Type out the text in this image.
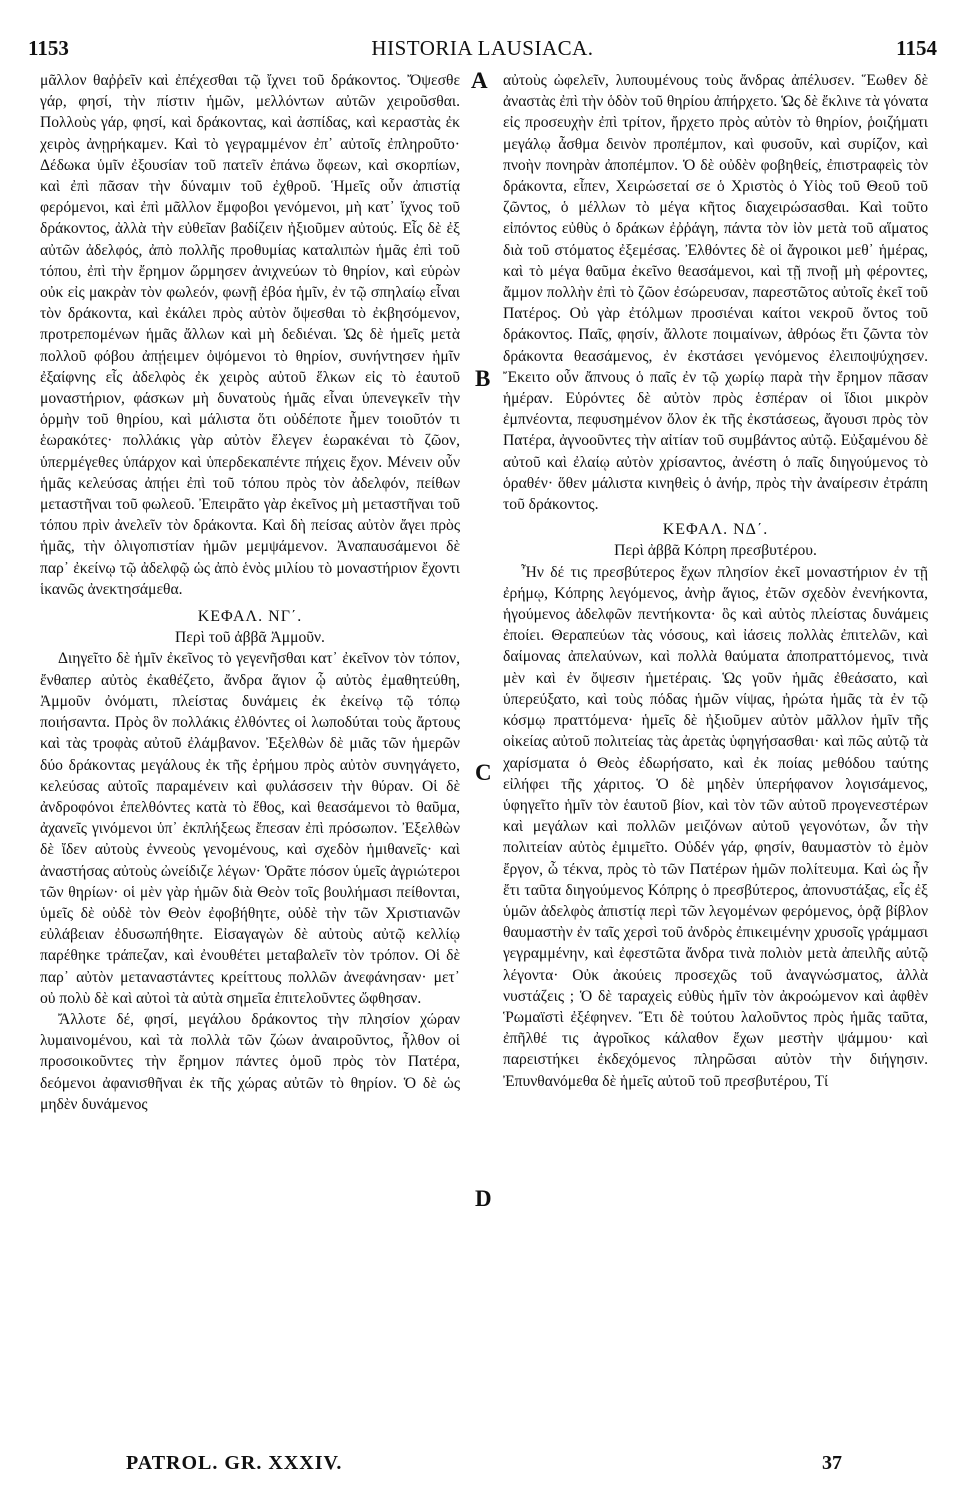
1153	HISTORIA LAUSIACA.	1154

μᾶλλον θαῤῥεῖν καὶ ἐπέχεσθαι τῷ ἴχνει τοῦ δράκοντος. Ὄψεσθε γάρ, φησί, τὴν πίστιν ἡμῶν, μελλόντων αὐτῶν χειροῦσθαι. Πολλοὺς γάρ, φησί, καὶ δράκοντας, καὶ ἀσπίδας, καὶ κεραστὰς ἐκ χειρὸς ἀνῃρήκαμεν. Καὶ τὸ γεγραμμένον ἐπ᾽ αὐτοῖς ἐπληροῦτο· Δέδωκα ὑμῖν ἐξουσίαν τοῦ πατεῖν ἐπάνω ὄφεων, καὶ σκορπίων, καὶ ἐπὶ πᾶσαν τὴν δύναμιν τοῦ ἐχθροῦ. Ἡμεῖς οὖν ἀπιστίᾳ φερόμενοι, καὶ ἐπὶ μᾶλλον ἔμφοβοι γενόμενοι, μὴ κατ᾽ ἴχνος τοῦ δράκοντος, ἀλλὰ τὴν εὐθεῖαν βαδίζειν ἠξιοῦμεν αὐτούς. Εἷς δὲ ἐξ αὐτῶν ἀδελφός, ἀπὸ πολλῆς προθυμίας καταλιπὼν ἡμᾶς ἐπὶ τοῦ τόπου, ἐπὶ τὴν ἔρημον ὥρμησεν ἀνιχνεύων τὸ θηρίον, καὶ εὑρὼν οὐκ εἰς μακρὰν τὸν φωλεόν, φωνῇ ἐβόα ἡμῖν, ἐν τῷ σπηλαίῳ εἶναι τὸν δράκοντα, καὶ ἐκάλει πρὸς αὐτὸν ὄψεσθαι τὸ ἐκβησόμενον, προτρεπομένων ἡμᾶς ἄλλων καὶ μὴ δεδιέναι. Ὡς δὲ ἡμεῖς μετὰ πολλοῦ φόβου ἀπῄειμεν ὀψόμενοι τὸ θηρίον, συνήντησεν ἡμῖν ἐξαίφνης εἷς ἀδελφὸς ἐκ χειρὸς αὐτοῦ ἕλκων εἰς τὸ ἑαυτοῦ μοναστήριον, φάσκων μὴ δυνατοὺς ἡμᾶς εἶναι ὑπενεγκεῖν τὴν ὁρμὴν τοῦ θηρίου, καὶ μάλιστα ὅτι οὐδέποτε ἦμεν τοιοῦτόν τι ἑωρακότες· πολλάκις γὰρ αὐτὸν ἔλεγεν ἑωρακέναι τὸ ζῶον, ὑπερμέγεθες ὑπάρχον καὶ ὑπερδεκαπέντε πήχεις ἔχον. Μένειν οὖν ἡμᾶς κελεύσας ἀπῄει ἐπὶ τοῦ τόπου πρὸς τὸν ἀδελφόν, πείθων μεταστῆναι τοῦ φωλεοῦ. Ἐπειρᾶτο γὰρ ἐκεῖνος μὴ μεταστῆναι τοῦ τόπου πρὶν ἀνελεῖν τὸν δράκοντα. Καὶ δὴ πείσας αὐτὸν ἄγει πρὸς ἡμᾶς, τὴν ὀλιγοπιστίαν ἡμῶν μεμψάμενον. Ἀναπαυσάμενοι δὲ παρ᾽ ἐκείνῳ τῷ ἀδελφῷ ὡς ἀπὸ ἑνὸς μιλίου τὸ μοναστήριον ἔχοντι ἱκανῶς ἀνεκτησάμεθα.

ΚΕΦΑΛ. ΝΓ΄.

Περὶ τοῦ ἀββᾶ Ἀμμοῦν.

Διηγεῖτο δὲ ἡμῖν ἐκεῖνος τὸ γεγενῆσθαι κατ᾽ ἐκεῖνον τὸν τόπον, ἔνθαπερ αὐτὸς ἐκαθέζετο, ἄνδρα ἅγιον ᾧ αὐτὸς ἐμαθητεύθη, Ἀμμοῦν ὀνόματι, πλείστας δυνάμεις ἐκ ἐκείνῳ τῷ τόπῳ ποιήσαντα. Πρὸς ὃν πολλάκις ἐλθόντες οἱ λωποδύται τοὺς ἄρτους καὶ τὰς τροφὰς αὐτοῦ ἐλάμβανον. Ἐξελθὼν δὲ μιᾶς τῶν ἡμερῶν δύο δράκοντας μεγάλους ἐκ τῆς ἐρήμου πρὸς αὐτὸν συνηγάγετο, κελεύσας αὐτοῖς παραμένειν καὶ φυλάσσειν τὴν θύραν. Οἱ δὲ ἀνδροφόνοι ἐπελθόντες κατὰ τὸ ἔθος, καὶ θεασάμενοι τὸ θαῦμα, ἀχανεῖς γινόμενοι ὑπ᾽ ἐκπλήξεως ἔπεσαν ἐπὶ πρόσωπον. Ἐξελθὼν δὲ ἴδεν αὐτοὺς ἐννεοὺς γενομένους, καὶ σχεδὸν ἡμιθανεῖς· καὶ ἀναστήσας αὐτοὺς ὠνείδιζε λέγων· Ὁρᾶτε πόσον ὑμεῖς ἀγριώτεροι τῶν θηρίων· οἱ μὲν γὰρ ἡμῶν διὰ Θεὸν τοῖς βουλήμασι πείθονται, ὑμεῖς δὲ οὐδὲ τὸν Θεὸν ἐφοβήθητε, οὐδὲ τὴν τῶν Χριστιανῶν εὐλάβειαν ἐδυσωπήθητε. Εἰσαγαγὼν δὲ αὐτοὺς αὐτῷ κελλίῳ παρέθηκε τράπεζαν, καὶ ἐνουθέτει μεταβαλεῖν τὸν τρόπον. Οἱ δὲ παρ᾽ αὐτὸν μεταναστάντες κρείττους πολλῶν ἀνεφάνησαν· μετ᾽ οὐ πολὺ δὲ καὶ αὐτοὶ τὰ αὐτὰ σημεῖα ἐπιτελοῦντες ὤφθησαν.

Ἄλλοτε δέ, φησί, μεγάλου δράκοντος τὴν πλησίον χώραν λυμαινομένου, καὶ τὰ πολλὰ τῶν ζώων ἀναιροῦντος, ἦλθον οἱ προσοικοῦντες τὴν ἔρημον πάντες ὁμοῦ πρὸς τὸν Πατέρα, δεόμενοι ἀφανισθῆναι ἐκ τῆς χώρας αὐτῶν τὸ θηρίον. Ὁ δὲ ὡς μηδὲν δυνάμενος

αὐτοὺς ὠφελεῖν, λυπουμένους τοὺς ἄνδρας ἀπέλυσεν. Ἕωθεν δὲ ἀναστὰς ἐπὶ τὴν ὁδὸν τοῦ θηρίου ἀπήρχετο. Ὡς δὲ ἔκλινε τὰ γόνατα εἰς προσευχὴν ἐπὶ τρίτον, ἤρχετο πρὸς αὐτὸν τὸ θηρίον, ῥοιζήματι μεγάλῳ ἆσθμα δεινὸν προπέμπον, καὶ φυσοῦν, καὶ συρίζον, καὶ πνοὴν πονηρὰν ἀποπέμπον. Ὁ δὲ οὐδὲν φοβηθείς, ἐπιστραφεὶς τὸν δράκοντα, εἶπεν, Χειρώσεταί σε ὁ Χριστὸς ὁ Υἱὸς τοῦ Θεοῦ τοῦ ζῶντος, ὁ μέλλων τὸ μέγα κῆτος διαχειρώσασθαι. Καὶ τοῦτο εἰπόντος εὐθὺς ὁ δράκων ἐῤῥάγη, πάντα τὸν ἰὸν μετὰ τοῦ αἵματος διὰ τοῦ στόματος ἐξεμέσας. Ἐλθόντες δὲ οἱ ἄγροικοι μεθ᾽ ἡμέρας, καὶ τὸ μέγα θαῦμα ἐκεῖνο θεασάμενοι, καὶ τῇ πνοῇ μὴ φέροντες, ἄμμον πολλὴν ἐπὶ τὸ ζῶον ἐσώρευσαν, παρεστῶτος αὐτοῖς ἐκεῖ τοῦ Πατέρος. Οὐ γὰρ ἐτόλμων προσιέναι καίτοι νεκροῦ ὄντος τοῦ δράκοντος. Παῖς, φησίν, ἄλλοτε ποιμαίνων, ἀθρόως ἔτι ζῶντα τὸν δράκοντα θεασάμενος, ἐν ἐκστάσει γενόμενος ἐλειποψύχησεν. Ἔκειτο οὖν ἄπνους ὁ παῖς ἐν τῷ χωρίῳ παρὰ τὴν ἔρημον πᾶσαν ἡμέραν. Εὑρόντες δὲ αὐτὸν πρὸς ἑσπέραν οἱ ἴδιοι μικρὸν ἐμπνέοντα, πεφυσημένον ὅλον ἐκ τῆς ἐκστάσεως, ἄγουσι πρὸς τὸν Πατέρα, ἀγνοοῦντες τὴν αἰτίαν τοῦ συμβάντος αὐτῷ. Εὐξαμένου δὲ αὐτοῦ καὶ ἐλαίῳ αὐτὸν χρίσαντος, ἀνέστη ὁ παῖς διηγούμενος τὸ ὁραθέν· ὅθεν μάλιστα κινηθεὶς ὁ ἀνήρ, πρὸς τὴν ἀναίρεσιν ἐτράπη τοῦ δράκοντος.

ΚΕΦΑΛ. ΝΔ΄.

Περὶ ἀββᾶ Κόπρη πρεσβυτέρου.

Ἦν δέ τις πρεσβύτερος ἔχων πλησίον ἐκεῖ μοναστήριον ἐν τῇ ἐρήμῳ, Κόπρης λεγόμενος, ἀνὴρ ἅγιος, ἐτῶν σχεδὸν ἐνενήκοντα, ἡγούμενος ἀδελφῶν πεντήκοντα· ὃς καὶ αὐτὸς πλείστας δυνάμεις ἐποίει. Θεραπεύων τὰς νόσους, καὶ ἰάσεις πολλὰς ἐπιτελῶν, καὶ δαίμονας ἀπελαύνων, καὶ πολλὰ θαύματα ἀποπραττόμενος, τινὰ μὲν καὶ ἐν ὄψεσιν ἡμετέραις. Ὡς γοῦν ἡμᾶς ἐθεάσατο, καὶ ὑπερεύξατο, καὶ τοὺς πόδας ἡμῶν νίψας, ἠρώτα ἡμᾶς τὰ ἐν τῷ κόσμῳ πραττόμενα· ἡμεῖς δὲ ἠξιοῦμεν αὐτὸν μᾶλλον ἡμῖν τῆς οἰκείας αὐτοῦ πολιτείας τὰς ἀρετὰς ὑφηγήσασθαι· καὶ πῶς αὐτῷ τὰ χαρίσματα ὁ Θεὸς ἐδωρήσατο, καὶ ἐκ ποίας μεθόδου ταύτης εἰλήφει τῆς χάριτος. Ὁ δὲ μηδὲν ὑπερήφανον λογισάμενος, ὑφηγεῖτο ἡμῖν τὸν ἑαυτοῦ βίον, καὶ τὸν τῶν αὐτοῦ προγενεστέρων καὶ μεγάλων καὶ πολλῶν μειζόνων αὐτοῦ γεγονότων, ὧν τὴν πολιτείαν αὐτὸς ἐμιμεῖτο. Οὐδέν γάρ, φησίν, θαυμαστὸν τὸ ἐμὸν ἔργον, ὦ τέκνα, πρὸς τὸ τῶν Πατέρων ἡμῶν πολίτευμα. Καὶ ὡς ἦν ἔτι ταῦτα διηγούμενος Κόπρης ὁ πρεσβύτερος, ἀπονυστάξας, εἷς ἐξ ὑμῶν ἀδελφὸς ἀπιστίᾳ περὶ τῶν λεγομένων φερόμενος, ὁρᾷ βίβλον θαυμαστὴν ἐν ταῖς χερσὶ τοῦ ἀνδρὸς ἐπικειμένην χρυσοῖς γράμμασι γεγραμμένην, καὶ ἐφεστῶτα ἄνδρα τινὰ πολιὸν μετὰ ἀπειλῆς αὐτῷ λέγοντα· Οὐκ ἀκούεις προσεχῶς τοῦ ἀναγνώσματος, ἀλλὰ νυστάζεις ; Ὁ δὲ ταραχεὶς εὐθὺς ἡμῖν τὸν ἀκροώμενον καὶ ἀφθὲν Ῥωμαϊστὶ ἐξέφηνεν. Ἔτι δὲ τούτου λαλοῦντος πρὸς ἡμᾶς ταῦτα, ἐπῆλθέ τις ἀγροῖκος κάλαθον ἔχων μεστὴν ψάμμου· καὶ παρειστήκει ἐκδεχόμενος πληρῶσαι αὐτὸν τὴν διήγησιν. Ἐπυνθανόμεθα δὲ ἡμεῖς αὐτοῦ τοῦ πρεσβυτέρου, Τί

A
B
C
D
PATROL. GR. XXXIV.	37
